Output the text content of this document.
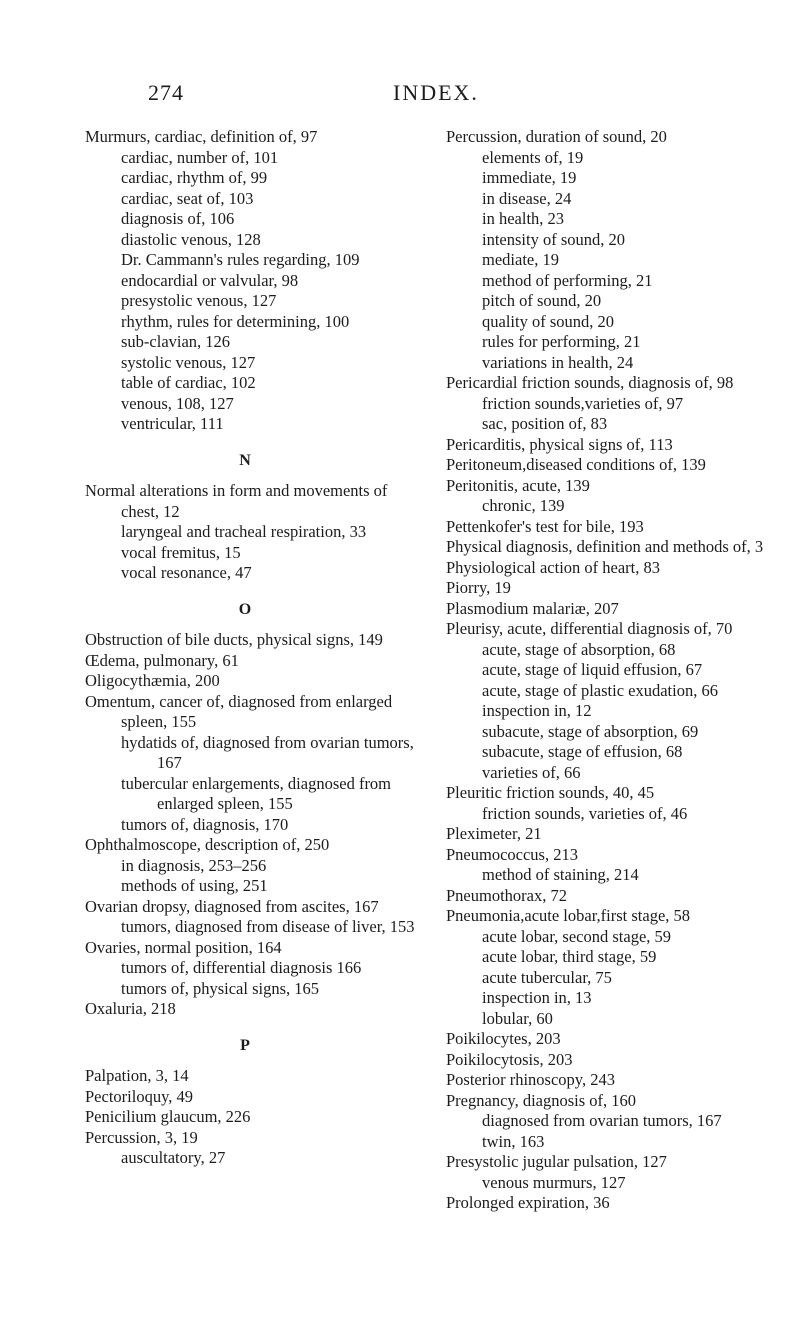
274	INDEX.

Murmurs, cardiac, definition of, 97

cardiac, number of, 101

cardiac, rhythm of, 99

cardiac, seat of, 103

diagnosis of, 106

diastolic venous, 128

Dr. Cammann's rules regarding, 109

endocardial or valvular, 98

presystolic venous, 127

rhythm, rules for determining, 100

sub-clavian, 126

systolic venous, 127

table of cardiac, 102

venous, 108, 127

ventricular, 111

N

Normal alterations in form and movements of chest, 12

laryngeal and tracheal respiration, 33

vocal fremitus, 15

vocal resonance, 47

O

Obstruction of bile ducts, physical signs, 149

Œdema, pulmonary, 61

Oligocythæmia, 200

Omentum, cancer of, diagnosed from enlarged spleen, 155

hydatids of, diagnosed from ovarian tumors, 167

tubercular enlargements, diagnosed from enlarged spleen, 155

tumors of, diagnosis, 170

Ophthalmoscope, description of, 250

in diagnosis, 253–256

methods of using, 251

Ovarian dropsy, diagnosed from ascites, 167

tumors, diagnosed from disease of liver, 153

Ovaries, normal position, 164

tumors of, differential diagnosis 166

tumors of, physical signs, 165

Oxaluria, 218

P

Palpation, 3, 14

Pectoriloquy, 49

Penicilium glaucum, 226

Percussion, 3, 19

auscultatory, 27

Percussion, duration of sound, 20

elements of, 19

immediate, 19

in disease, 24

in health, 23

intensity of sound, 20

mediate, 19

method of performing, 21

pitch of sound, 20

quality of sound, 20

rules for performing, 21

variations in health, 24

Pericardial friction sounds, diagnosis of, 98

friction sounds,varieties of, 97

sac, position of, 83

Pericarditis, physical signs of, 113

Peritoneum,diseased conditions of, 139

Peritonitis, acute, 139

chronic, 139

Pettenkofer's test for bile, 193

Physical diagnosis, definition and methods of, 3

Physiological action of heart, 83

Piorry, 19

Plasmodium malariæ, 207

Pleurisy, acute, differential diagnosis of, 70

acute, stage of absorption, 68

acute, stage of liquid effusion, 67

acute, stage of plastic exudation, 66

inspection in, 12

subacute, stage of absorption, 69

subacute, stage of effusion, 68

varieties of, 66

Pleuritic friction sounds, 40, 45

friction sounds, varieties of, 46

Pleximeter, 21

Pneumococcus, 213

method of staining, 214

Pneumothorax, 72

Pneumonia,acute lobar,first stage, 58

acute lobar, second stage, 59

acute lobar, third stage, 59

acute tubercular, 75

inspection in, 13

lobular, 60

Poikilocytes, 203

Poikilocytosis, 203

Posterior rhinoscopy, 243

Pregnancy, diagnosis of, 160

diagnosed from ovarian tumors, 167

twin, 163

Presystolic jugular pulsation, 127

venous murmurs, 127

Prolonged expiration, 36
